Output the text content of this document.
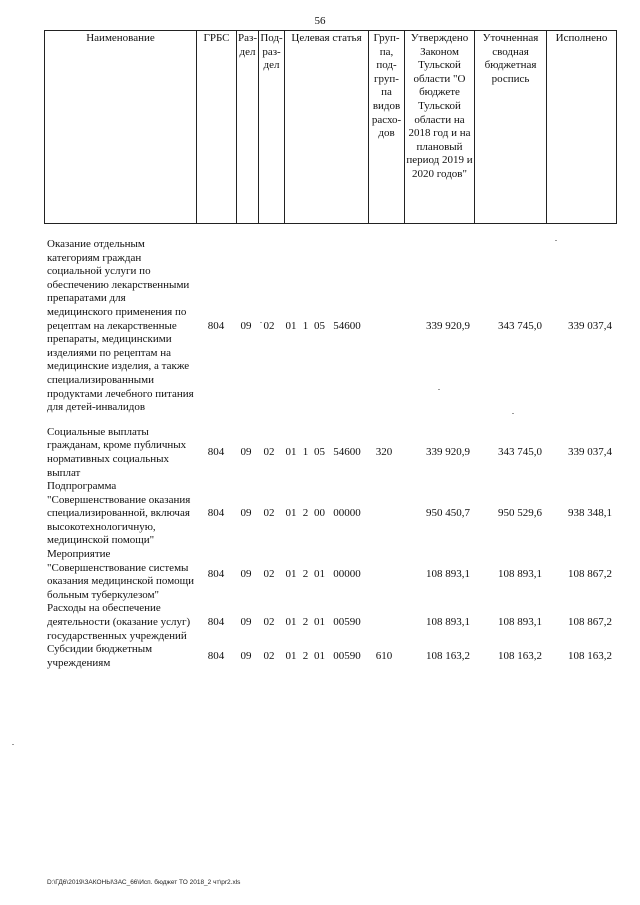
56
Наименование	ГРБС	Раз-дел	Под-раз-дел	Целевая статья	Груп-па, под-груп-па видов расхо-дов	Утверждено Законом Тульской области "О бюджете Тульской области на 2018 год и на плановый период 2019 и 2020 годов"	Уточненная сводная бюджетная роспись	Исполнено
Оказание отдельным категориям граждан социальной услуги по обеспечению лекарственными препаратами для медицинского применения по рецептам на лекарственные препараты, медицинскими изделиями по рецептам на медицинские изделия, а также специализированными продуктами лечебного питания для детей-инвалидов	804	09	02	01	1	05	54600		339 920,9	343 745,0	339 037,4

Социальные выплаты гражданам, кроме публичных нормативных социальных выплат	804	09	02	01	1	05	54600	320	339 920,9	343 745,0	339 037,4
Подпрограмма "Совершенствование оказания специализированной, включая высокотехнологичную, медицинской помощи"	804	09	02	01	2	00	00000		950 450,7	950 529,6	938 348,1
Мероприятие "Совершенствование системы оказания медицинской помощи больным туберкулезом"	804	09	02	01	2	01	00000		108 893,1	108 893,1	108 867,2
Расходы на обеспечение деятельности (оказание услуг) государственных учреждений	804	09	02	01	2	01	00590		108 893,1	108 893,1	108 867,2
Субсидии бюджетным учреждениям	804	09	02	01	2	01	00590	610	108 163,2	108 163,2	108 163,2
D:\ГД6\2019\ЗАКОНЫ\ЗАС_66\Исп. бюджет ТО 2018_2 чт\pr2.xls
